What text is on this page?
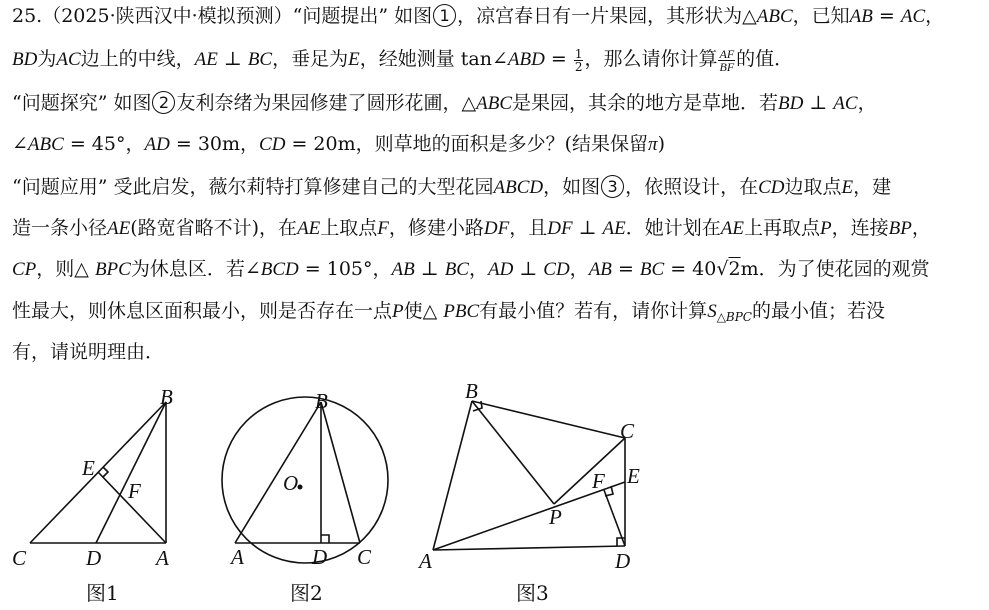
25.（2025·陕西汉中·模拟预测）“问题提出” 如图 1 ，凉宫春日有一片果园，其形状为△ABC，已知AB = AC，
BD为AC边上的中线，AE ⊥ BC，垂足为E，经她测量 tan∠ABD = $\frac{1}{2}$ ，那么请你计算 $\frac{AF}{BF}$ 的值．
“问题探究” 如图 2 友利奈绪为果园修建了圆形花圃，△ABC是果园，其余的地方是草地．若BD ⊥ AC，
∠ABC = 45°，AD = 30m，CD = 20m，则草地的面积是多少？(结果保留π)
“问题应用” 受此启发，薇尔莉特打算修建自己的大型花园ABCD，如图 3 ，依照设计，在CD边取点E，建
造一条小径AE(路宽省略不计)，在AE上取点F，修建小路DF，且DF ⊥ AE．她计划在AE上再取点P，连接BP，
CP，则△ BPC为休息区．若∠BCD = 105°，AB ⊥ BC，AD ⊥ CD，AB = BC = 40√2m．为了使花园的观赏
性最大，则休息区面积最小，则是否存在一点P使△ PBC有最小值？若有，请你计算$S_{\triangle BPC}$的最小值；若没
有，请说明理由．
B
E
F
C	D	A
图1
B
O
A	D C
图2
B
C
F E
P
A	D
图3
